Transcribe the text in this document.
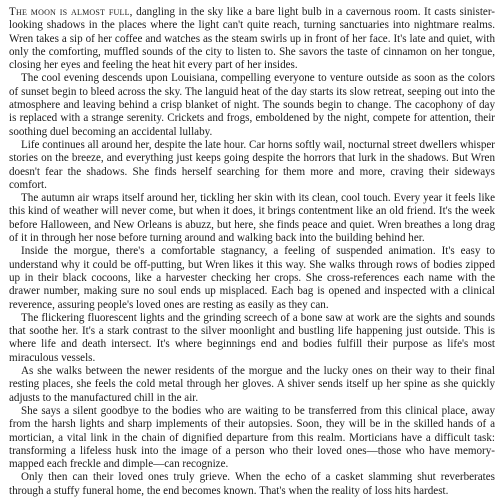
The moon is almost full, dangling in the sky like a bare light bulb in a cavernous room. It casts sinister-looking shadows in the places where the light can't quite reach, turning sanctuaries into nightmare realms. Wren takes a sip of her coffee and watches as the steam swirls up in front of her face. It's late and quiet, with only the comforting, muffled sounds of the city to listen to. She savors the taste of cinnamon on her tongue, closing her eyes and feeling the heat hit every part of her insides.

The cool evening descends upon Louisiana, compelling everyone to venture outside as soon as the colors of sunset begin to bleed across the sky. The languid heat of the day starts its slow retreat, seeping out into the atmosphere and leaving behind a crisp blanket of night. The sounds begin to change. The cacophony of day is replaced with a strange serenity. Crickets and frogs, emboldened by the night, compete for attention, their soothing duel becoming an accidental lullaby.

Life continues all around her, despite the late hour. Car horns softly wail, nocturnal street dwellers whisper stories on the breeze, and everything just keeps going despite the horrors that lurk in the shadows. But Wren doesn't fear the shadows. She finds herself searching for them more and more, craving their sideways comfort.

The autumn air wraps itself around her, tickling her skin with its clean, cool touch. Every year it feels like this kind of weather will never come, but when it does, it brings contentment like an old friend. It's the week before Halloween, and New Orleans is abuzz, but here, she finds peace and quiet. Wren breathes a long drag of it in through her nose before turning around and walking back into the building behind her.

Inside the morgue, there's a comfortable stagnancy, a feeling of suspended animation. It's easy to understand why it could be off-putting, but Wren likes it this way. She walks through rows of bodies zipped up in their black cocoons, like a harvester checking her crops. She cross-references each name with the drawer number, making sure no soul ends up misplaced. Each bag is opened and inspected with a clinical reverence, assuring people's loved ones are resting as easily as they can.

The flickering fluorescent lights and the grinding screech of a bone saw at work are the sights and sounds that soothe her. It's a stark contrast to the silver moonlight and bustling life happening just outside. This is where life and death intersect. It's where beginnings end and bodies fulfill their purpose as life's most miraculous vessels.

As she walks between the newer residents of the morgue and the lucky ones on their way to their final resting places, she feels the cold metal through her gloves. A shiver sends itself up her spine as she quickly adjusts to the manufactured chill in the air.

She says a silent goodbye to the bodies who are waiting to be transferred from this clinical place, away from the harsh lights and sharp implements of their autopsies. Soon, they will be in the skilled hands of a mortician, a vital link in the chain of dignified departure from this realm. Morticians have a difficult task: transforming a lifeless husk into the image of a person who their loved ones—those who have memory-mapped each freckle and dimple—can recognize.

Only then can their loved ones truly grieve. When the echo of a casket slamming shut reverberates through a stuffy funeral home, the end becomes known. That's when the reality of loss hits hardest.
